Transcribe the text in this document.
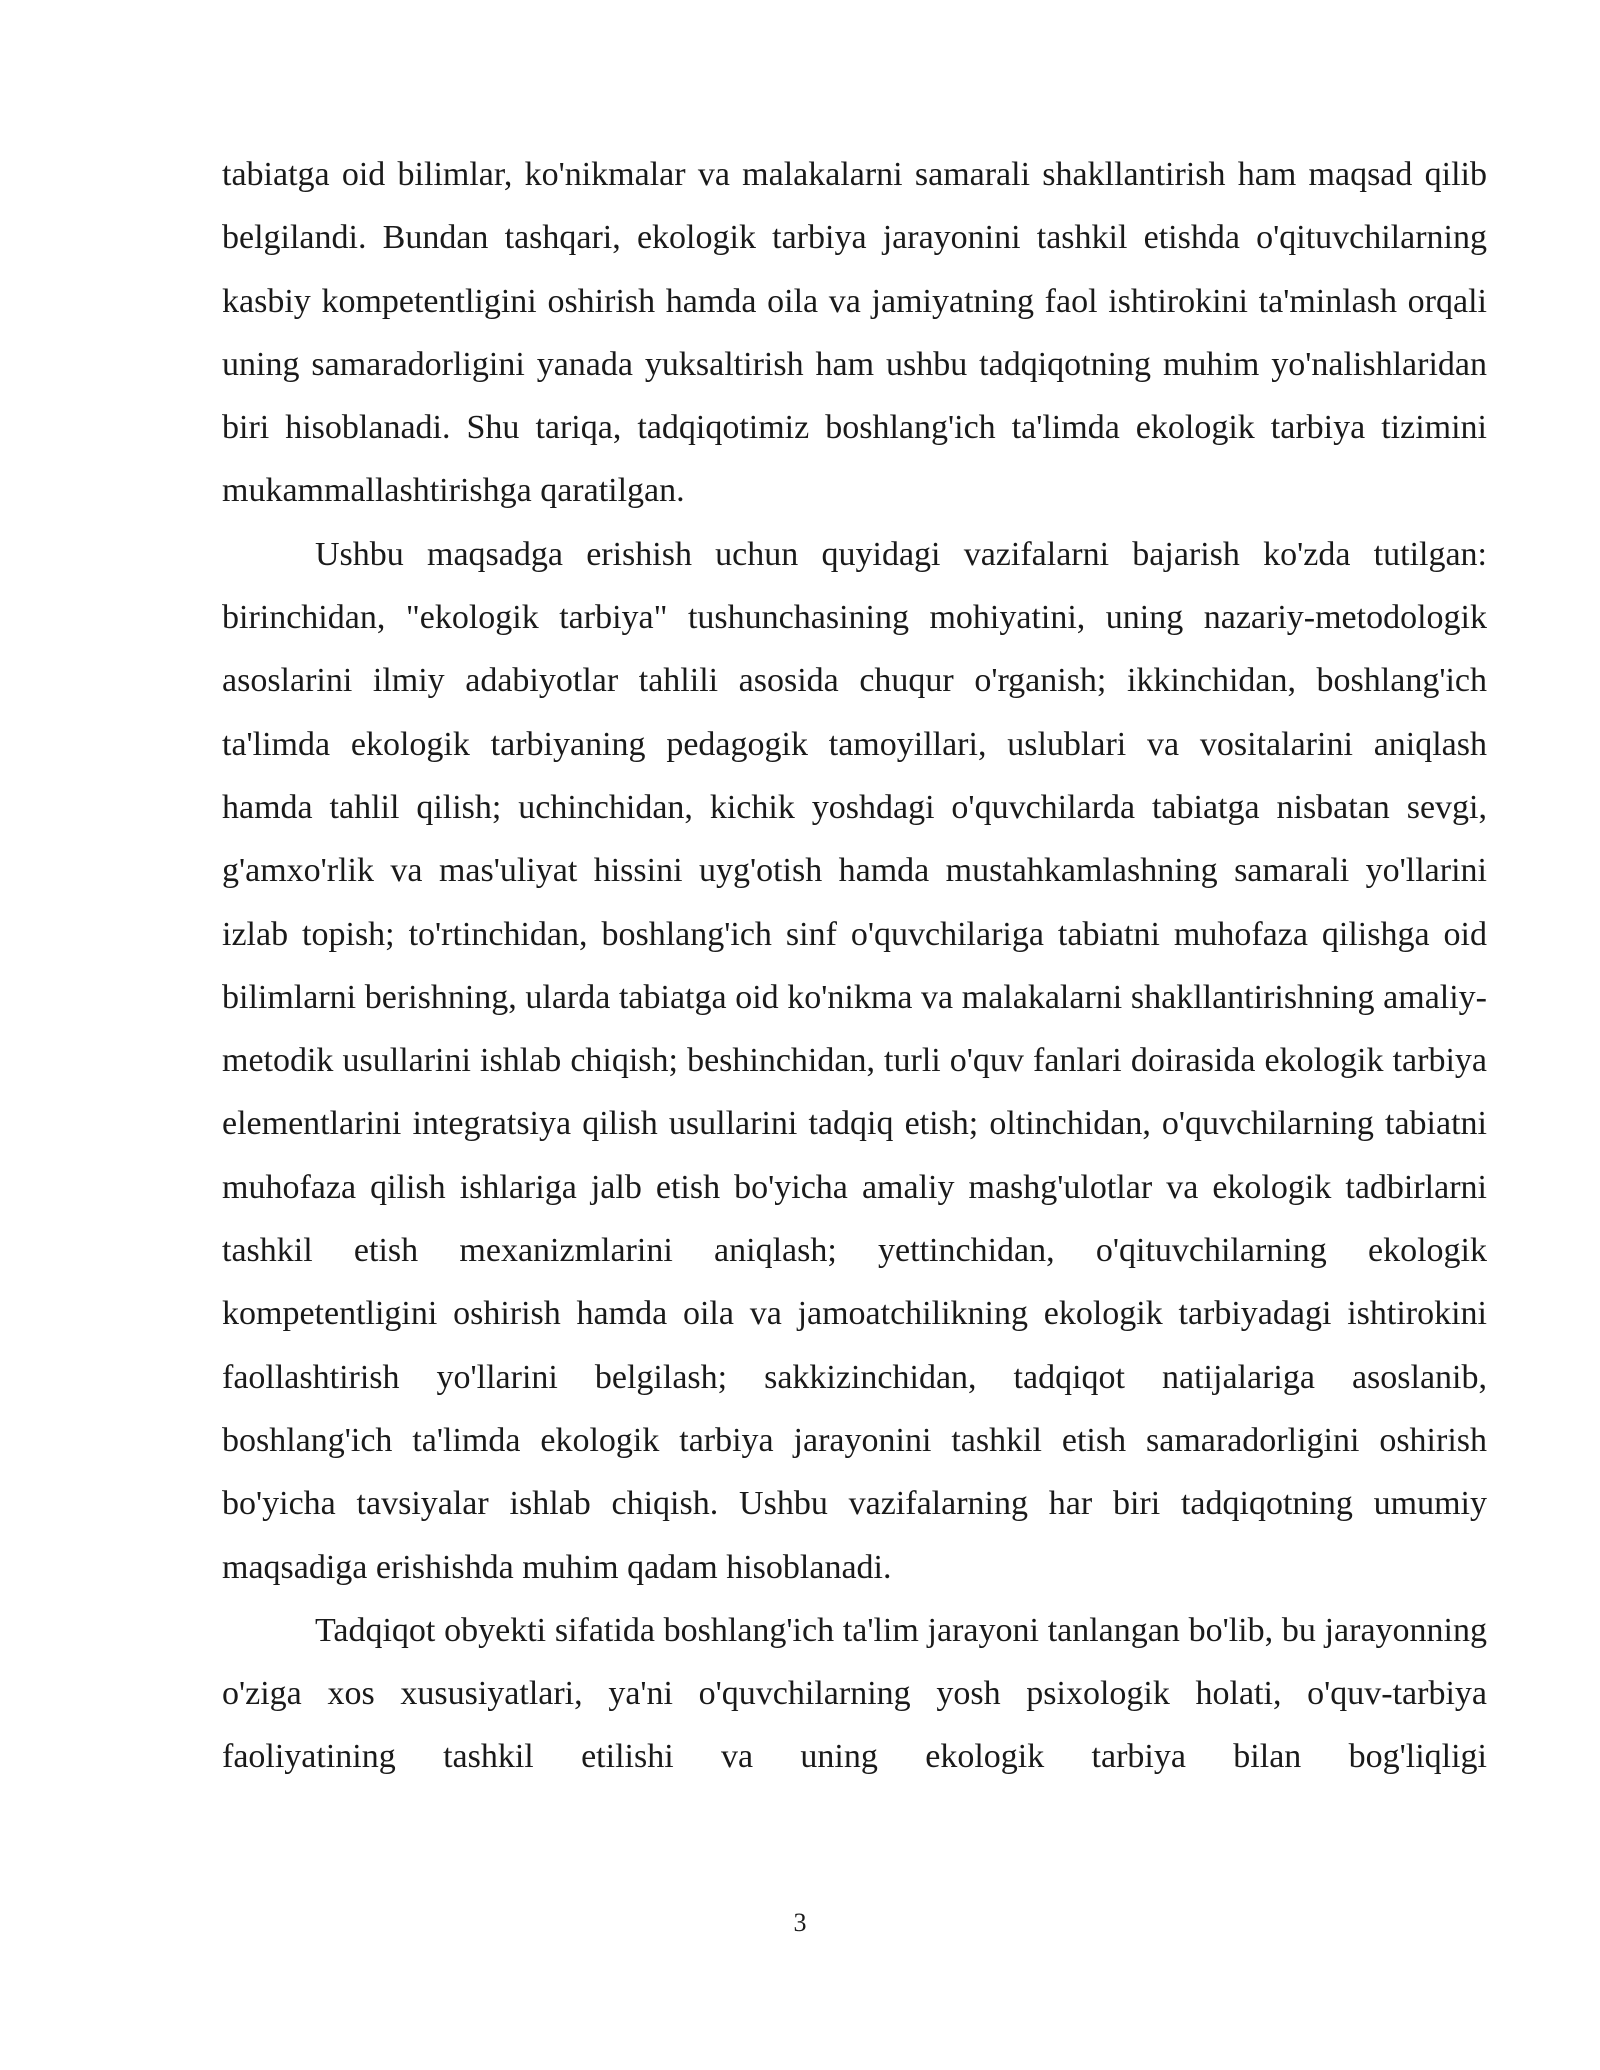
tabiatga oid bilimlar, ko'nikmalar va malakalarni samarali shakllantirish ham maqsad qilib belgilandi. Bundan tashqari, ekologik tarbiya jarayonini tashkil etishda o'qituvchilarning kasbiy kompetentligini oshirish hamda oila va jamiyatning faol ishtirokini ta'minlash orqali uning samaradorligini yanada yuksaltirish ham ushbu tadqiqotning muhim yo'nalishlaridan biri hisoblanadi. Shu tariqa, tadqiqotimiz boshlang'ich ta'limda ekologik tarbiya tizimini mukammallashtirishga qaratilgan.

Ushbu maqsadga erishish uchun quyidagi vazifalarni bajarish ko'zda tutilgan: birinchidan, "ekologik tarbiya" tushunchasining mohiyatini, uning nazariy-metodologik asoslarini ilmiy adabiyotlar tahlili asosida chuqur o'rganish; ikkinchidan, boshlang'ich ta'limda ekologik tarbiyaning pedagogik tamoyillari, uslublari va vositalarini aniqlash hamda tahlil qilish; uchinchidan, kichik yoshdagi o'quvchilarda tabiatga nisbatan sevgi, g'amxo'rlik va mas'uliyat hissini uyg'otish hamda mustahkamlashning samarali yo'llarini izlab topish; to'rtinchidan, boshlang'ich sinf o'quvchilariga tabiatni muhofaza qilishga oid bilimlarni berishning, ularda tabiatga oid ko'nikma va malakalarni shakllantirishning amaliy-metodik usullarini ishlab chiqish; beshinchidan, turli o'quv fanlari doirasida ekologik tarbiya elementlarini integratsiya qilish usullarini tadqiq etish; oltinchidan, o'quvchilarning tabiatni muhofaza qilish ishlariga jalb etish bo'yicha amaliy mashg'ulotlar va ekologik tadbirlarni tashkil etish mexanizmlarini aniqlash; yettinchidan, o'qituvchilarning ekologik kompetentligini oshirish hamda oila va jamoatchilikning ekologik tarbiyadagi ishtirokini faollashtirish yo'llarini belgilash; sakkizinchidan, tadqiqot natijalariga asoslanib, boshlang'ich ta'limda ekologik tarbiya jarayonini tashkil etish samaradorligini oshirish bo'yicha tavsiyalar ishlab chiqish. Ushbu vazifalarning har biri tadqiqotning umumiy maqsadiga erishishda muhim qadam hisoblanadi.

Tadqiqot obyekti sifatida boshlang'ich ta'lim jarayoni tanlangan bo'lib, bu jarayonning o'ziga xos xususiyatlari, ya'ni o'quvchilarning yosh psixologik holati, o'quv-tarbiya faoliyatining tashkil etilishi va uning ekologik tarbiya bilan bog'liqligi

3
